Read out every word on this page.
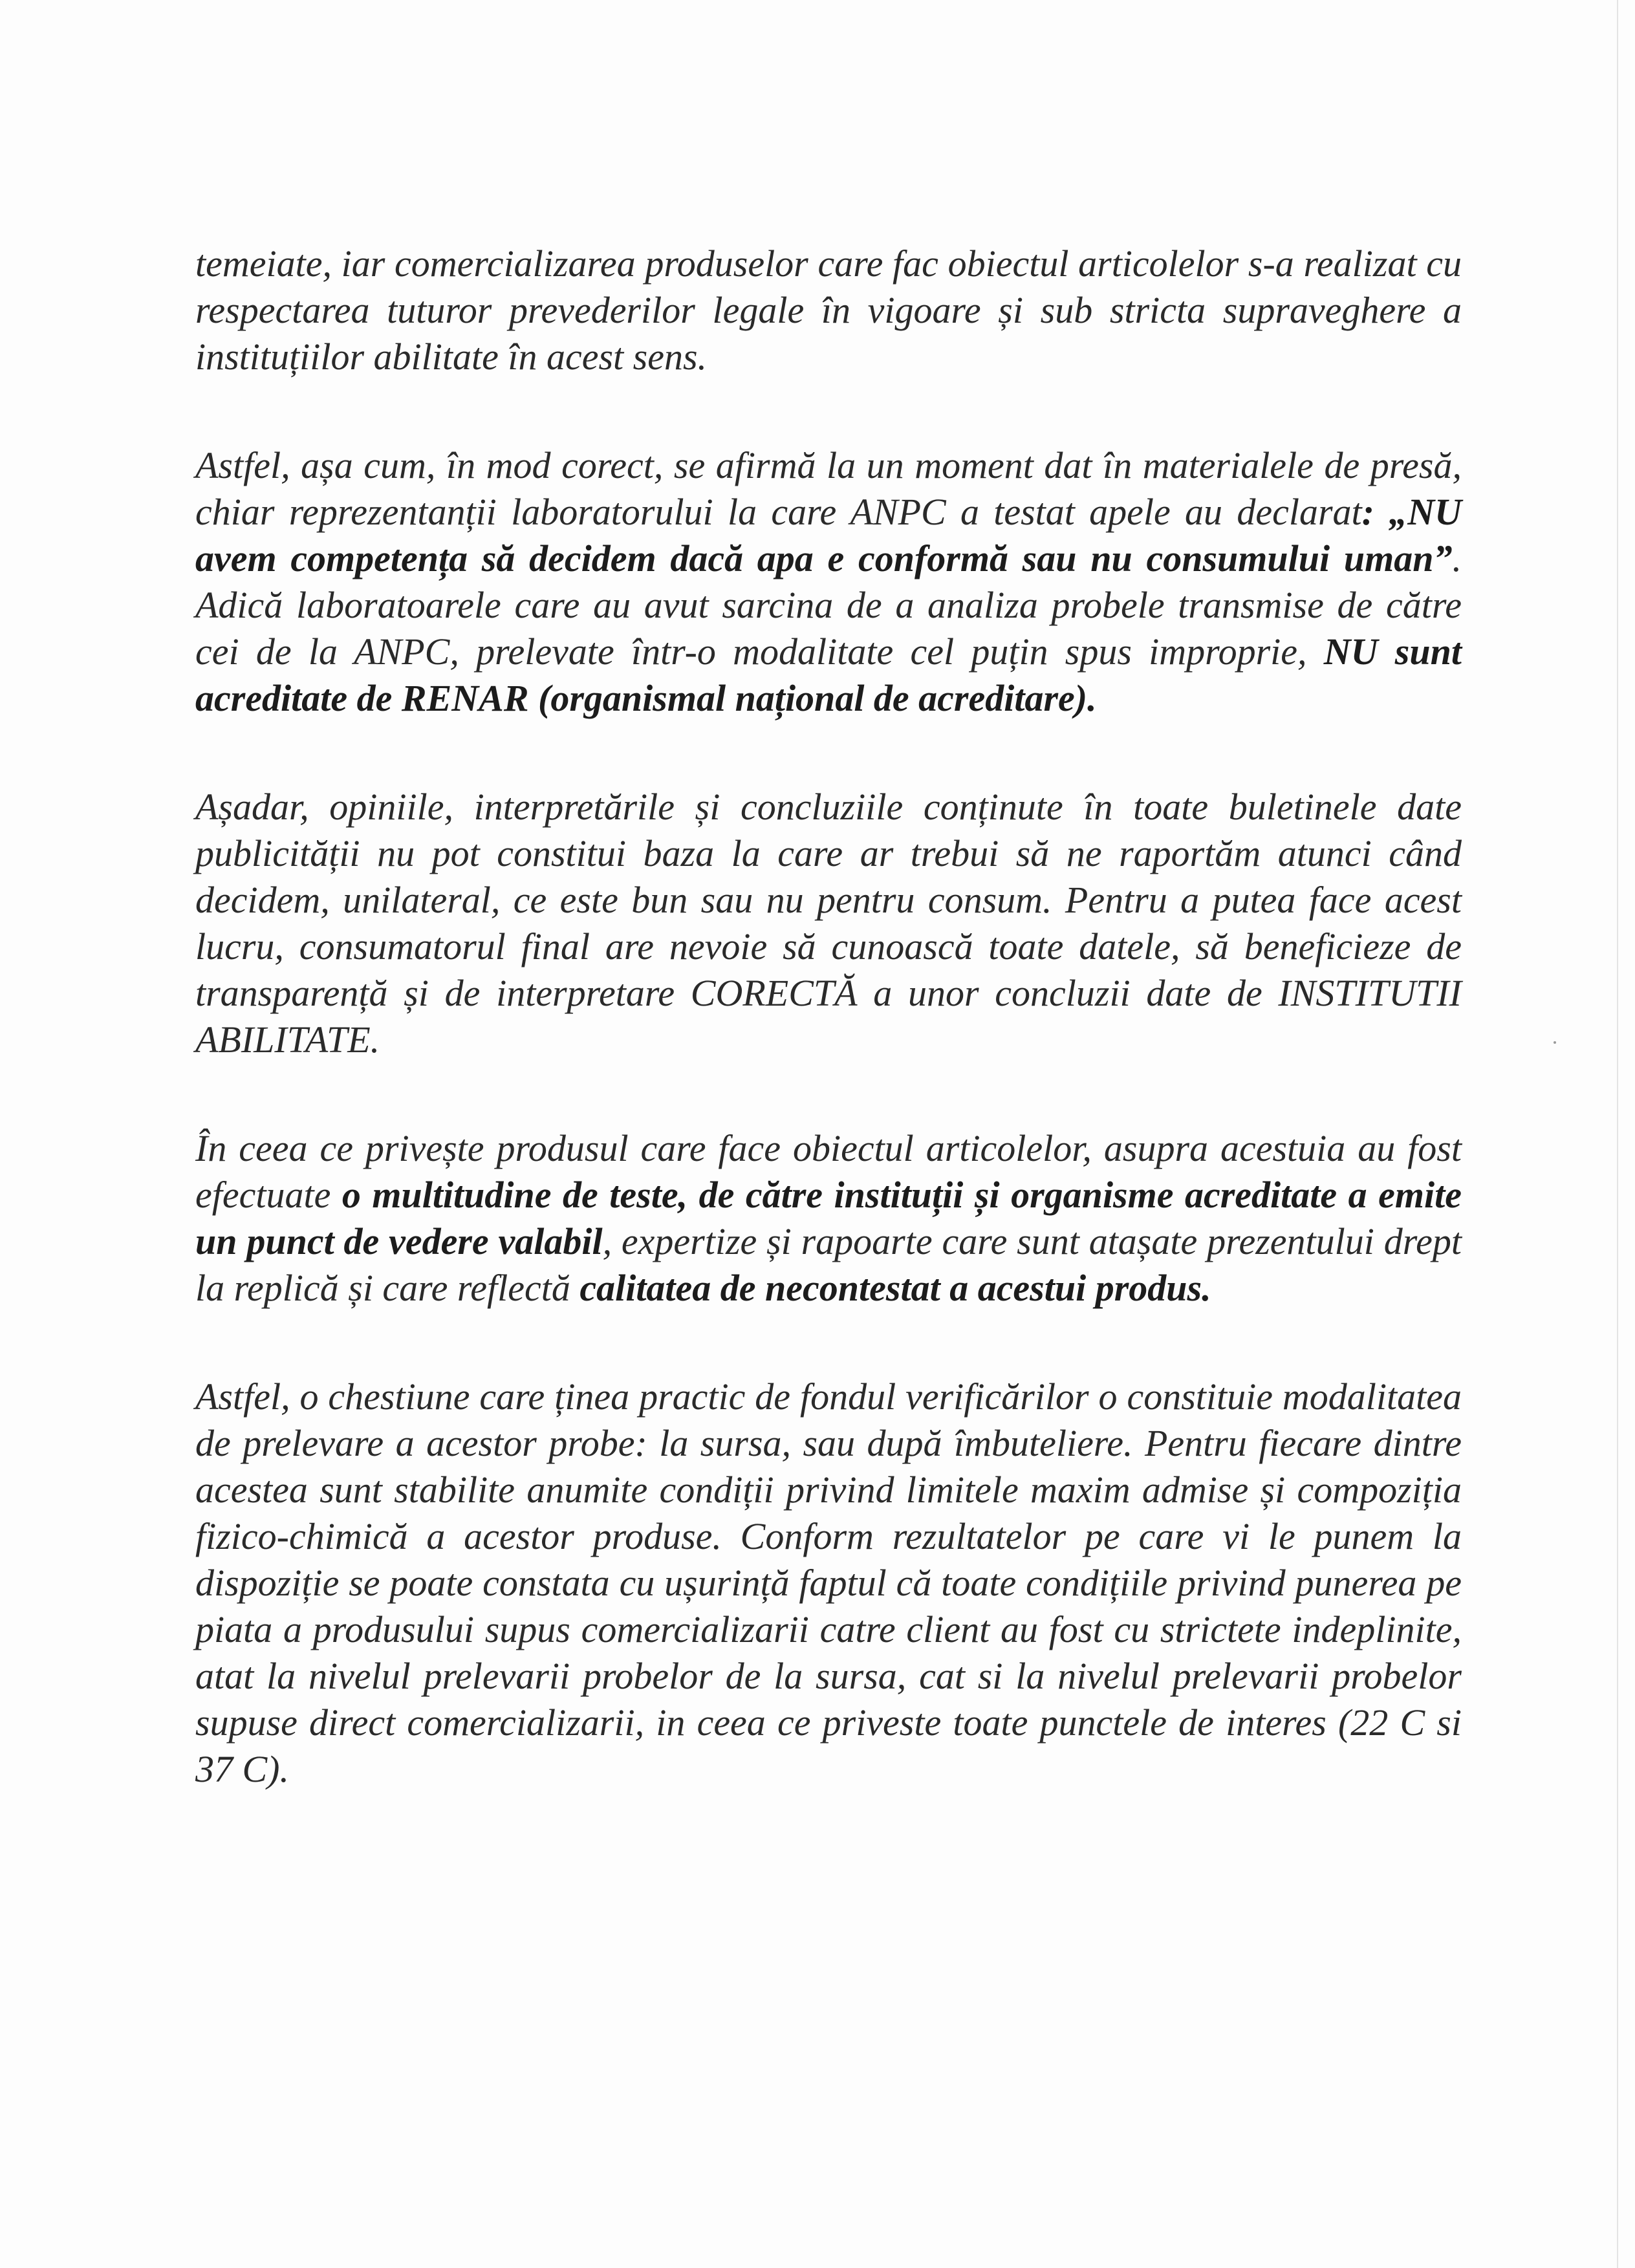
temeiate, iar comercializarea produselor care fac obiectul articolelor s-a realizat cu respectarea tuturor prevederilor legale în vigoare și sub stricta supraveghere a instituțiilor abilitate în acest sens.

Astfel, așa cum, în mod corect, se afirmă la un moment dat în materialele de presă, chiar reprezentanții laboratorului la care ANPC a testat apele au declarat: „NU avem competența să decidem dacă apa e conformă sau nu consumului uman”. Adică laboratoarele care au avut sarcina de a analiza probele transmise de către cei de la ANPC, prelevate într-o modalitate cel puțin spus improprie, NU sunt acreditate de RENAR (organismal național de acreditare).

Așadar, opiniile, interpretările și concluziile conținute în toate buletinele date publicității nu pot constitui baza la care ar trebui să ne raportăm atunci când decidem, unilateral, ce este bun sau nu pentru consum. Pentru a putea face acest lucru, consumatorul final are nevoie să cunoască toate datele, să beneficieze de transparență și de interpretare CORECTĂ a unor concluzii date de INSTITUTII ABILITATE.

În ceea ce privește produsul care face obiectul articolelor, asupra acestuia au fost efectuate o multitudine de teste, de către instituții și organisme acreditate a emite un punct de vedere valabil, expertize și rapoarte care sunt atașate prezentului drept la replică și care reflectă calitatea de necontestat a acestui produs.

Astfel, o chestiune care ținea practic de fondul verificărilor o constituie modalitatea de prelevare a acestor probe: la sursa, sau după îmbuteliere. Pentru fiecare dintre acestea sunt stabilite anumite condiții privind limitele maxim admise și compoziția fizico-chimică a acestor produse. Conform rezultatelor pe care vi le punem la dispoziție se poate constata cu ușurință faptul că toate condițiile privind punerea pe piata a produsului supus comercializarii catre client au fost cu strictete indeplinite, atat la nivelul prelevarii probelor de la sursa, cat si la nivelul prelevarii probelor supuse direct comercializarii, in ceea ce priveste toate punctele de interes (22 C si 37 C).
